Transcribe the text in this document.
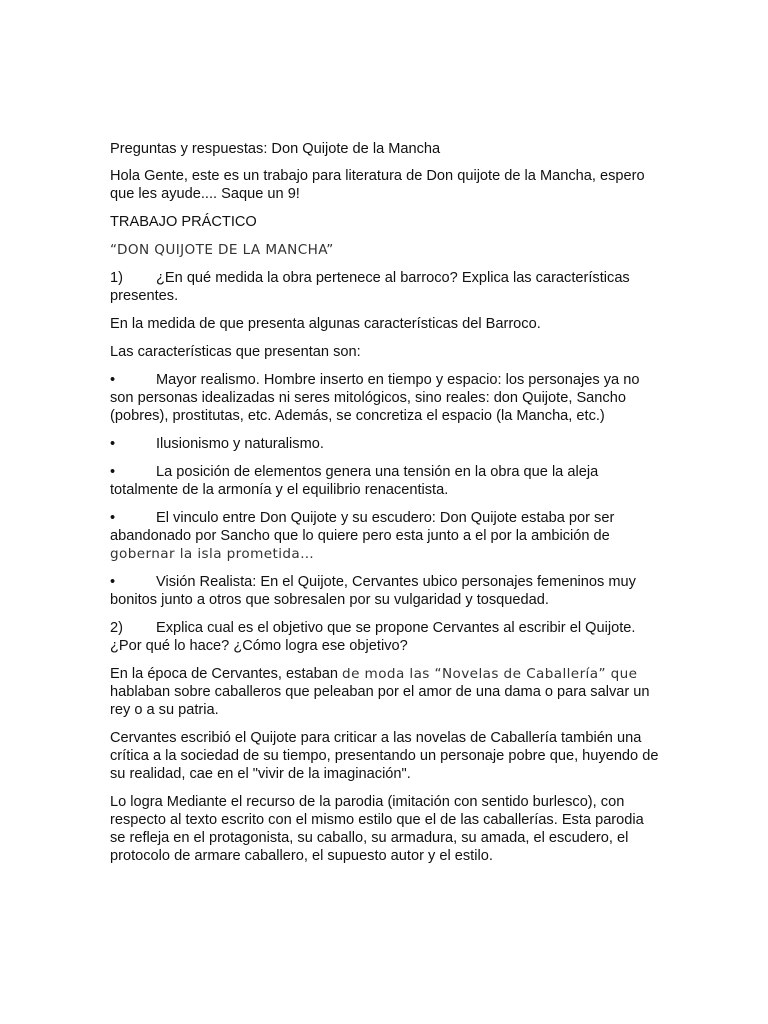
Preguntas y respuestas: Don Quijote de la Mancha

Hola Gente, este es un trabajo para literatura de Don quijote de la Mancha, espero que les ayude.... Saque un 9!

TRABAJO PRÁCTICO

“DON QUIJOTE DE LA MANCHA”

1) ¿En qué medida la obra pertenece al barroco? Explica las características presentes.

En la medida de que presenta algunas características del Barroco.

Las características que presentan son:

•	Mayor realismo. Hombre inserto en tiempo y espacio: los personajes ya no son personas idealizadas ni seres mitológicos, sino reales: don Quijote, Sancho (pobres), prostitutas, etc. Además, se concretiza el espacio (la Mancha, etc.)

•	Ilusionismo y naturalismo.

•	La posición de elementos genera una tensión en la obra que la aleja totalmente de la armonía y el equilibrio renacentista.

•	El vinculo entre Don Quijote y su escudero: Don Quijote estaba por ser abandonado por Sancho que lo quiere pero esta junto a el por la ambición de gobernar la isla prometida…

•	Visión Realista: En el Quijote, Cervantes ubico personajes femeninos muy bonitos junto a otros que sobresalen por su vulgaridad y tosquedad.

2) Explica cual es el objetivo que se propone Cervantes al escribir el Quijote. ¿Por qué lo hace? ¿Cómo logra ese objetivo?

En la época de Cervantes, estaban de moda las “Novelas de Caballería” que hablaban sobre caballeros que peleaban por el amor de una dama o para salvar un rey o a su patria.

Cervantes escribió el Quijote para criticar a las novelas de Caballería también una crítica a la sociedad de su tiempo, presentando un personaje pobre que, huyendo de su realidad, cae en el "vivir de la imaginación".

Lo logra Mediante el recurso de la parodia (imitación con sentido burlesco), con respecto al texto escrito con el mismo estilo que el de las caballerías. Esta parodia se refleja en el protagonista, su caballo, su armadura, su amada, el escudero, el protocolo de armare caballero, el supuesto autor y el estilo.
